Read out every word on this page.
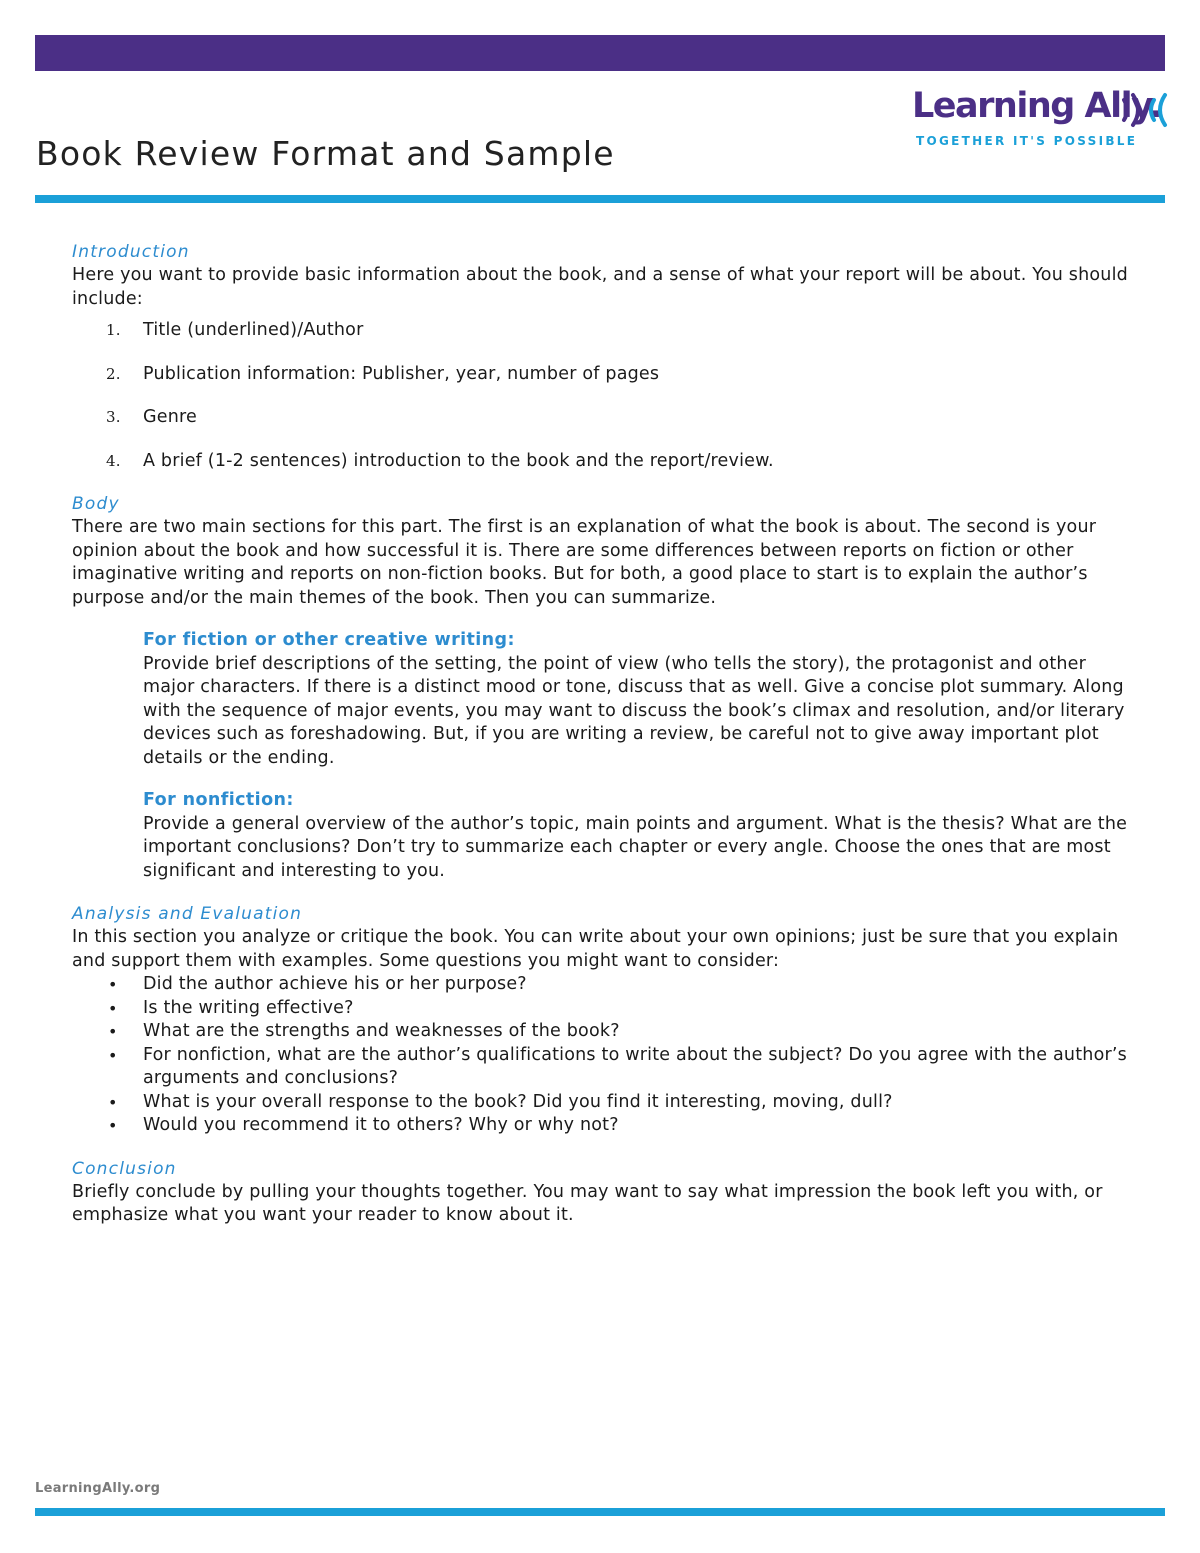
Learning Ally.
TOGETHER IT'S POSSIBLE
Book Review Format and Sample
Introduction

Here you want to provide basic information about the book, and a sense of what your report will be about. You should include:

1. Title (underlined)/Author
2. Publication information: Publisher, year, number of pages
3. Genre
4. A brief (1-2 sentences) introduction to the book and the report/review.
Body

There are two main sections for this part. The first is an explanation of what the book is about. The second is your opinion about the book and how successful it is. There are some differences between reports on fiction or other imaginative writing and reports on non-fiction books. But for both, a good place to start is to explain the author’s purpose and/or the main themes of the book. Then you can summarize.

For fiction or other creative writing:

Provide brief descriptions of the setting, the point of view (who tells the story), the protagonist and other major characters. If there is a distinct mood or tone, discuss that as well. Give a concise plot summary. Along with the sequence of major events, you may want to discuss the book’s climax and resolution, and/or literary devices such as foreshadowing. But, if you are writing a review, be careful not to give away important plot details or the ending.

For nonfiction:

Provide a general overview of the author’s topic, main points and argument. What is the thesis? What are the important conclusions? Don’t try to summarize each chapter or every angle. Choose the ones that are most significant and interesting to you.

Analysis and Evaluation

In this section you analyze or critique the book. You can write about your own opinions; just be sure that you explain and support them with examples. Some questions you might want to consider:

• Did the author achieve his or her purpose?
• Is the writing effective?
• What are the strengths and weaknesses of the book?
• For nonfiction, what are the author’s qualifications to write about the subject? Do you agree with the author’s arguments and conclusions?
• What is your overall response to the book? Did you find it interesting, moving, dull?
• Would you recommend it to others? Why or why not?
Conclusion

Briefly conclude by pulling your thoughts together. You may want to say what impression the book left you with, or emphasize what you want your reader to know about it.

LearningAlly.org
